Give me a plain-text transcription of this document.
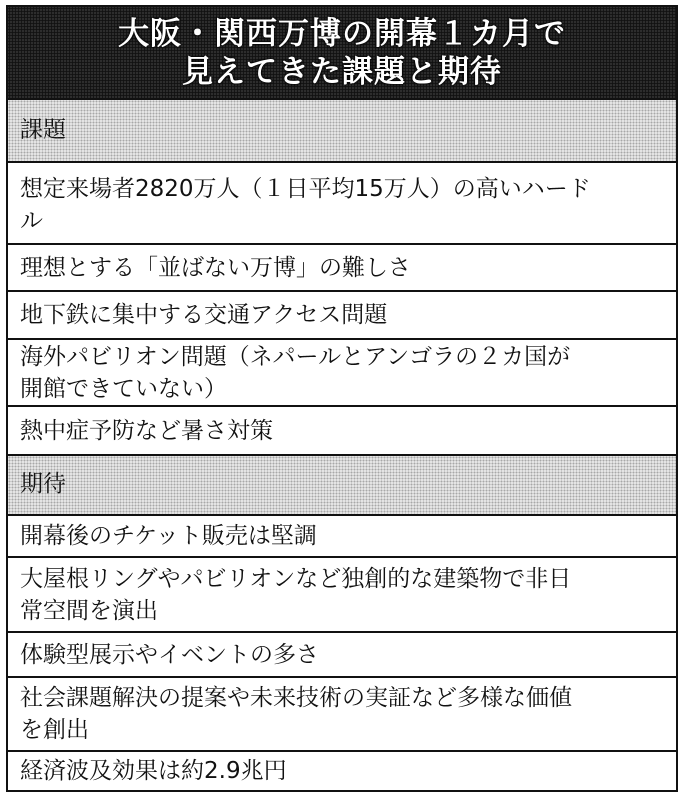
大阪・関西万博の開幕１カ月で
見えてきた課題と期待
課題
想定来場者2820万人（１日平均15万人）の高いハード
ル
理想とする「並ばない万博」の難しさ
地下鉄に集中する交通アクセス問題
海外パビリオン問題（ネパールとアンゴラの２カ国が
開館できていない）
熱中症予防など暑さ対策
期待
開幕後のチケット販売は堅調
大屋根リングやパビリオンなど独創的な建築物で非日
常空間を演出
体験型展示やイベントの多さ
社会課題解決の提案や未来技術の実証など多様な価値
を創出
経済波及効果は約2.9兆円
